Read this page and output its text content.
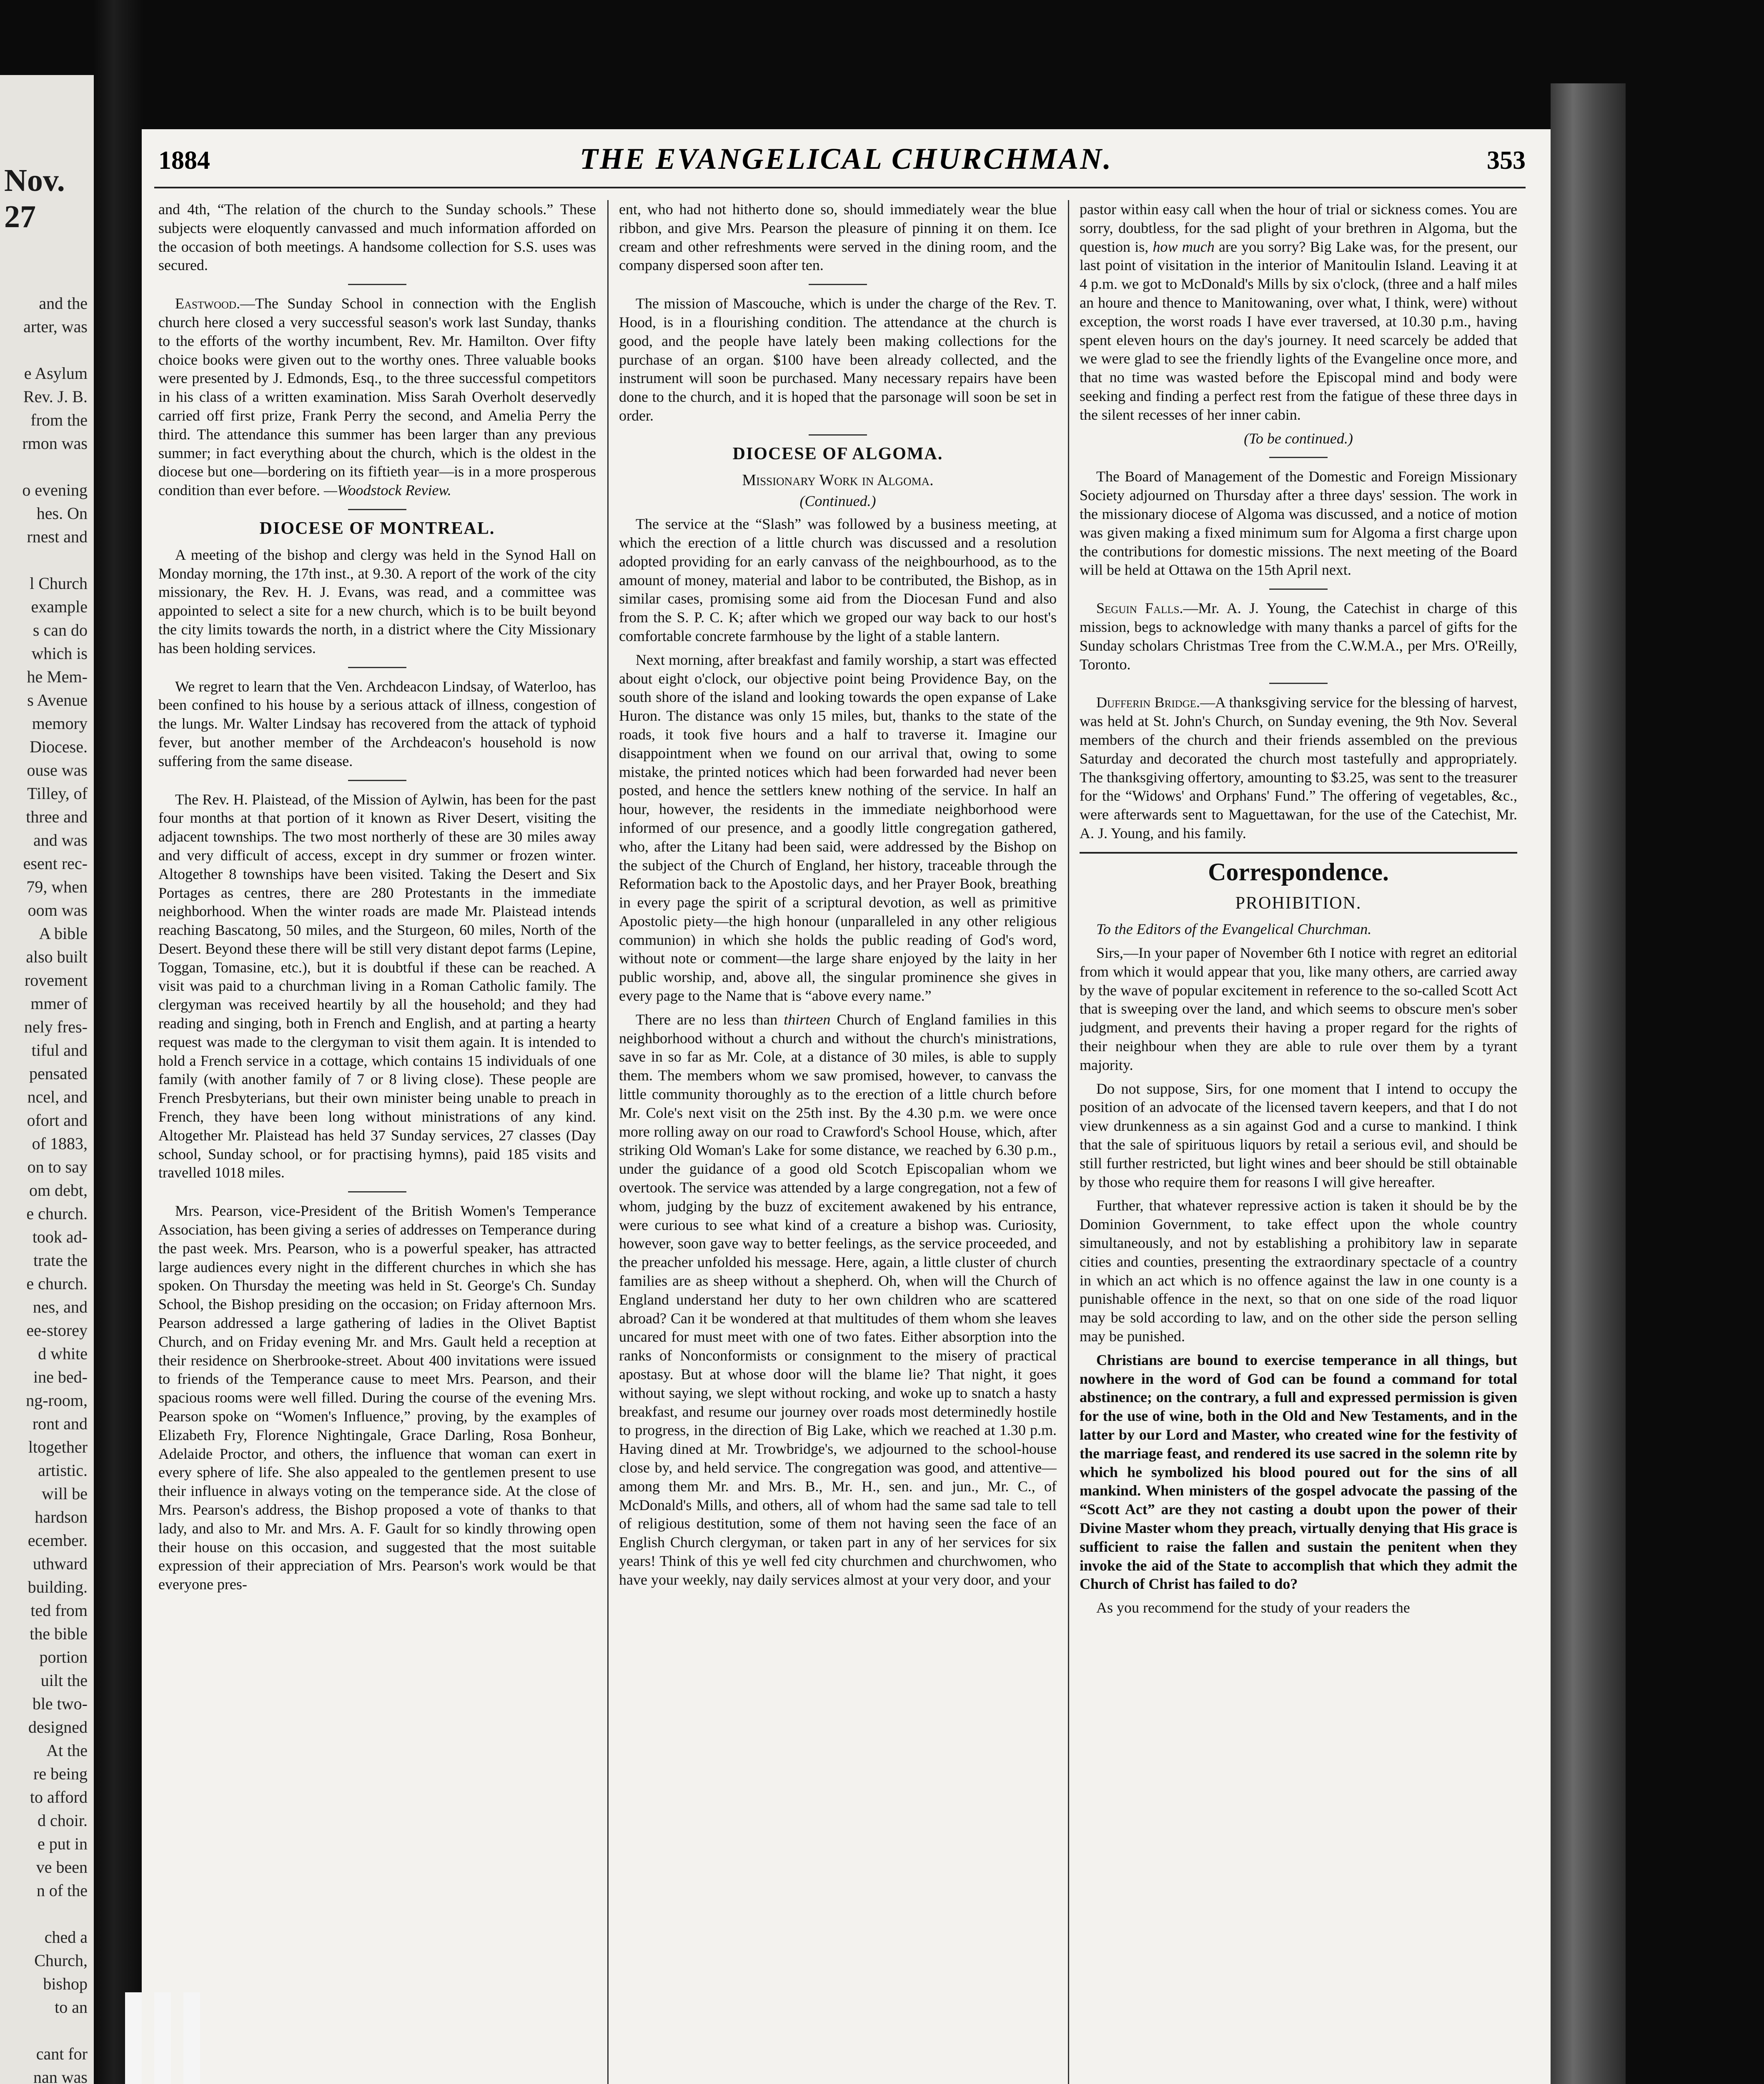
Nov. 27
and the
arter, was

e Asylum
Rev. J. B.
from the
rmon was

o evening
hes. On
rnest and

l Church
example
s can do
which is
he Mem-
s Avenue
memory
Diocese.
ouse was
Tilley, of
three and
and was
esent rec-
79, when
oom was
A bible
also built
rovement
mmer of
nely fres-
tiful and
pensated
ncel, and
ofort and
of 1883,
on to say
om debt,
e church.
took ad-
trate the
e church.
nes, and
ee-storey
d white
ine bed-
ng-room,
ront and
ltogether
artistic.
will be
hardson
ecember.
uthward
building.
ted from
the bible
portion
uilt the
ble two-
designed
At the
re being
to afford
d choir.
e put in
ve been
n of the

ched a
Church,
bishop
to an

cant for
nan was

1884	THE EVANGELICAL CHURCHMAN.	353

and 4th, “The relation of the church to the Sunday schools.” These subjects were eloquently canvassed and much information afforded on the occasion of both meetings. A handsome collection for S.S. uses was secured.

Eastwood.—The Sunday School in connection with the English church here closed a very successful season's work last Sunday, thanks to the efforts of the worthy incumbent, Rev. Mr. Hamilton. Over fifty choice books were given out to the worthy ones. Three valuable books were presented by J. Edmonds, Esq., to the three successful competitors in his class of a written examination. Miss Sarah Overholt deservedly carried off first prize, Frank Perry the second, and Amelia Perry the third. The attendance this summer has been larger than any previous summer; in fact everything about the church, which is the oldest in the diocese but one—bordering on its fiftieth year—is in a more prosperous condition than ever before. —Woodstock Review.

DIOCESE OF MONTREAL.

A meeting of the bishop and clergy was held in the Synod Hall on Monday morning, the 17th inst., at 9.30. A report of the work of the city missionary, the Rev. H. J. Evans, was read, and a committee was appointed to select a site for a new church, which is to be built beyond the city limits towards the north, in a district where the City Missionary has been holding services.

We regret to learn that the Ven. Archdeacon Lindsay, of Waterloo, has been confined to his house by a serious attack of illness, congestion of the lungs. Mr. Walter Lindsay has recovered from the attack of typhoid fever, but another member of the Archdeacon's household is now suffering from the same disease.

The Rev. H. Plaistead, of the Mission of Aylwin, has been for the past four months at that portion of it known as River Desert, visiting the adjacent townships. The two most northerly of these are 30 miles away and very difficult of access, except in dry summer or frozen winter. Altogether 8 townships have been visited. Taking the Desert and Six Portages as centres, there are 280 Protestants in the immediate neighborhood. When the winter roads are made Mr. Plaistead intends reaching Bascatong, 50 miles, and the Sturgeon, 60 miles, North of the Desert. Beyond these there will be still very distant depot farms (Lepine, Toggan, Tomasine, etc.), but it is doubtful if these can be reached. A visit was paid to a churchman living in a Roman Catholic family. The clergyman was received heartily by all the household; and they had reading and singing, both in French and English, and at parting a hearty request was made to the clergyman to visit them again. It is intended to hold a French service in a cottage, which contains 15 individuals of one family (with another family of 7 or 8 living close). These people are French Presbyterians, but their own minister being unable to preach in French, they have been long without ministrations of any kind. Altogether Mr. Plaistead has held 37 Sunday services, 27 classes (Day school, Sunday school, or for practising hymns), paid 185 visits and travelled 1018 miles.

Mrs. Pearson, vice-President of the British Women's Temperance Association, has been giving a series of addresses on Temperance during the past week. Mrs. Pearson, who is a powerful speaker, has attracted large audiences every night in the different churches in which she has spoken. On Thursday the meeting was held in St. George's Ch. Sunday School, the Bishop presiding on the occasion; on Friday afternoon Mrs. Pearson addressed a large gathering of ladies in the Olivet Baptist Church, and on Friday evening Mr. and Mrs. Gault held a reception at their residence on Sherbrooke-street. About 400 invitations were issued to friends of the Temperance cause to meet Mrs. Pearson, and their spacious rooms were well filled. During the course of the evening Mrs. Pearson spoke on “Women's Influence,” proving, by the examples of Elizabeth Fry, Florence Nightingale, Grace Darling, Rosa Bonheur, Adelaide Proctor, and others, the influence that woman can exert in every sphere of life. She also appealed to the gentlemen present to use their influence in always voting on the temperance side. At the close of Mrs. Pearson's address, the Bishop proposed a vote of thanks to that lady, and also to Mr. and Mrs. A. F. Gault for so kindly throwing open their house on this occasion, and suggested that the most suitable expression of their appreciation of Mrs. Pearson's work would be that everyone pres-

ent, who had not hitherto done so, should immediately wear the blue ribbon, and give Mrs. Pearson the pleasure of pinning it on them. Ice cream and other refreshments were served in the dining room, and the company dispersed soon after ten.

The mission of Mascouche, which is under the charge of the Rev. T. Hood, is in a flourishing condition. The attendance at the church is good, and the people have lately been making collections for the purchase of an organ. $100 have been already collected, and the instrument will soon be purchased. Many necessary repairs have been done to the church, and it is hoped that the parsonage will soon be set in order.

DIOCESE OF ALGOMA.
Missionary Work in Algoma.
(Continued.)

The service at the “Slash” was followed by a business meeting, at which the erection of a little church was discussed and a resolution adopted providing for an early canvass of the neighbourhood, as to the amount of money, material and labor to be contributed, the Bishop, as in similar cases, promising some aid from the Diocesan Fund and also from the S. P. C. K; after which we groped our way back to our host's comfortable concrete farmhouse by the light of a stable lantern.

Next morning, after breakfast and family worship, a start was effected about eight o'clock, our objective point being Providence Bay, on the south shore of the island and looking towards the open expanse of Lake Huron. The distance was only 15 miles, but, thanks to the state of the roads, it took five hours and a half to traverse it. Imagine our disappointment when we found on our arrival that, owing to some mistake, the printed notices which had been forwarded had never been posted, and hence the settlers knew nothing of the service. In half an hour, however, the residents in the immediate neighborhood were informed of our presence, and a goodly little congregation gathered, who, after the Litany had been said, were addressed by the Bishop on the subject of the Church of England, her history, traceable through the Reformation back to the Apostolic days, and her Prayer Book, breathing in every page the spirit of a scriptural devotion, as well as primitive Apostolic piety—the high honour (unparalleled in any other religious communion) in which she holds the public reading of God's word, without note or comment—the large share enjoyed by the laity in her public worship, and, above all, the singular prominence she gives in every page to the Name that is “above every name.”

There are no less than thirteen Church of England families in this neighborhood without a church and without the church's ministrations, save in so far as Mr. Cole, at a distance of 30 miles, is able to supply them. The members whom we saw promised, however, to canvass the little community thoroughly as to the erection of a little church before Mr. Cole's next visit on the 25th inst. By the 4.30 p.m. we were once more rolling away on our road to Crawford's School House, which, after striking Old Woman's Lake for some distance, we reached by 6.30 p.m., under the guidance of a good old Scotch Episcopalian whom we overtook. The service was attended by a large congregation, not a few of whom, judging by the buzz of excitement awakened by his entrance, were curious to see what kind of a creature a bishop was. Curiosity, however, soon gave way to better feelings, as the service proceeded, and the preacher unfolded his message. Here, again, a little cluster of church families are as sheep without a shepherd. Oh, when will the Church of England understand her duty to her own children who are scattered abroad? Can it be wondered at that multitudes of them whom she leaves uncared for must meet with one of two fates. Either absorption into the ranks of Nonconformists or consignment to the misery of practical apostasy. But at whose door will the blame lie? That night, it goes without saying, we slept without rocking, and woke up to snatch a hasty breakfast, and resume our journey over roads most determinedly hostile to progress, in the direction of Big Lake, which we reached at 1.30 p.m. Having dined at Mr. Trowbridge's, we adjourned to the school-house close by, and held service. The congregation was good, and attentive—among them Mr. and Mrs. B., Mr. H., sen. and jun., Mr. C., of McDonald's Mills, and others, all of whom had the same sad tale to tell of religious destitution, some of them not having seen the face of an English Church clergyman, or taken part in any of her services for six years! Think of this ye well fed city churchmen and churchwomen, who have your weekly, nay daily services almost at your very door, and your

pastor within easy call when the hour of trial or sickness comes. You are sorry, doubtless, for the sad plight of your brethren in Algoma, but the question is, how much are you sorry? Big Lake was, for the present, our last point of visitation in the interior of Manitoulin Island. Leaving it at 4 p.m. we got to McDonald's Mills by six o'clock, (three and a half miles an houre and thence to Manitowaning, over what, I think, were) without exception, the worst roads I have ever traversed, at 10.30 p.m., having spent eleven hours on the day's journey. It need scarcely be added that we were glad to see the friendly lights of the Evangeline once more, and that no time was wasted before the Episcopal mind and body were seeking and finding a perfect rest from the fatigue of these three days in the silent recesses of her inner cabin.

(To be continued.)

The Board of Management of the Domestic and Foreign Missionary Society adjourned on Thursday after a three days' session. The work in the missionary diocese of Algoma was discussed, and a notice of motion was given making a fixed minimum sum for Algoma a first charge upon the contributions for domestic missions. The next meeting of the Board will be held at Ottawa on the 15th April next.

Seguin Falls.—Mr. A. J. Young, the Catechist in charge of this mission, begs to acknowledge with many thanks a parcel of gifts for the Sunday scholars Christmas Tree from the C.W.M.A., per Mrs. O'Reilly, Toronto.

Dufferin Bridge.—A thanksgiving service for the blessing of harvest, was held at St. John's Church, on Sunday evening, the 9th Nov. Several members of the church and their friends assembled on the previous Saturday and decorated the church most tastefully and appropriately. The thanksgiving offertory, amounting to $3.25, was sent to the treasurer for the “Widows' and Orphans' Fund.” The offering of vegetables, &c., were afterwards sent to Maguettawan, for the use of the Catechist, Mr. A. J. Young, and his family.

Correspondence.
PROHIBITION.

To the Editors of the Evangelical Churchman.

Sirs,—In your paper of November 6th I notice with regret an editorial from which it would appear that you, like many others, are carried away by the wave of popular excitement in reference to the so-called Scott Act that is sweeping over the land, and which seems to obscure men's sober judgment, and prevents their having a proper regard for the rights of their neighbour when they are able to rule over them by a tyrant majority.

Do not suppose, Sirs, for one moment that I intend to occupy the position of an advocate of the licensed tavern keepers, and that I do not view drunkenness as a sin against God and a curse to mankind. I think that the sale of spirituous liquors by retail a serious evil, and should be still further restricted, but light wines and beer should be still obtainable by those who require them for reasons I will give hereafter.

Further, that whatever repressive action is taken it should be by the Dominion Government, to take effect upon the whole country simultaneously, and not by establishing a prohibitory law in separate cities and counties, presenting the extraordinary spectacle of a country in which an act which is no offence against the law in one county is a punishable offence in the next, so that on one side of the road liquor may be sold according to law, and on the other side the person selling may be punished.

Christians are bound to exercise temperance in all things, but nowhere in the word of God can be found a command for total abstinence; on the contrary, a full and expressed permission is given for the use of wine, both in the Old and New Testaments, and in the latter by our Lord and Master, who created wine for the festivity of the marriage feast, and rendered its use sacred in the solemn rite by which he symbolized his blood poured out for the sins of all mankind. When ministers of the gospel advocate the passing of the “Scott Act” are they not casting a doubt upon the power of their Divine Master whom they preach, virtually denying that His grace is sufficient to raise the fallen and sustain the penitent when they invoke the aid of the State to accomplish that which they admit the Church of Christ has failed to do?

As you recommend for the study of your readers the
